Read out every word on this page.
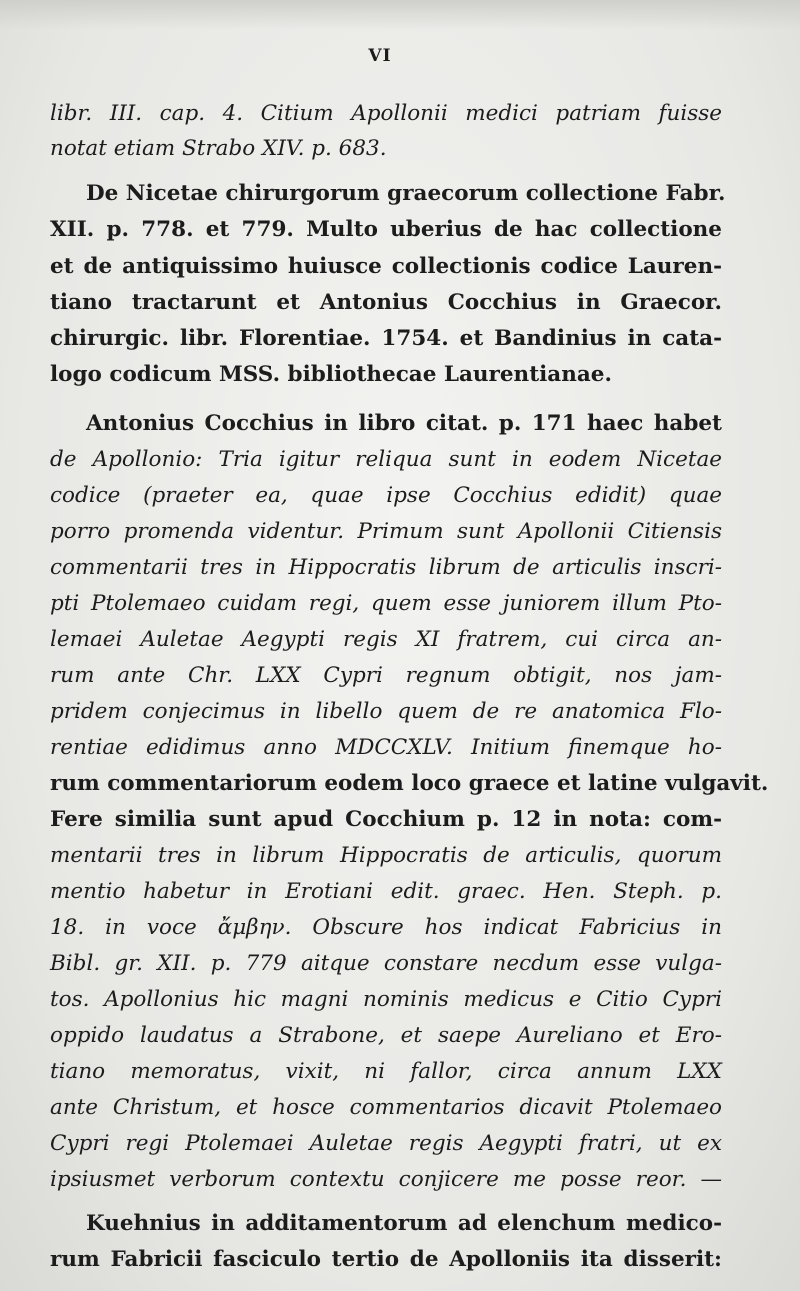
VI
libr. III. cap. 4. Citium Apollonii medici patriam fuisse
notat etiam Strabo XIV. p. 683.
De Nicetae chirurgorum graecorum collectione Fabr.
XII. p. 778. et 779. Multo uberius de hac collectione
et de antiquissimo huiusce collectionis codice Lauren-
tiano tractarunt et Antonius Cocchius in Graecor.
chirurgic. libr. Florentiae. 1754. et Bandinius in cata-
logo codicum MSS. bibliothecae Laurentianae.
Antonius Cocchius in libro citat. p. 171 haec habet
de Apollonio: Tria igitur reliqua sunt in eodem Nicetae
codice (praeter ea, quae ipse Cocchius edidit) quae
porro promenda videntur. Primum sunt Apollonii Citiensis
commentarii tres in Hippocratis librum de articulis inscri-
pti Ptolemaeo cuidam regi, quem esse juniorem illum Pto-
lemaei Auletae Aegypti regis XI fratrem, cui circa an-
rum ante Chr. LXX Cypri regnum obtigit, nos jam-
pridem conjecimus in libello quem de re anatomica Flo-
rentiae edidimus anno MDCCXLV. Initium finemque ho-
rum commentariorum eodem loco graece et latine vulgavit.
Fere similia sunt apud Cocchium p. 12 in nota: com-
mentarii tres in librum Hippocratis de articulis, quorum
mentio habetur in Erotiani edit. graec. Hen. Steph. p.
18. in voce ἄμβην. Obscure hos indicat Fabricius in
Bibl. gr. XII. p. 779 aitque constare necdum esse vulga-
tos. Apollonius hic magni nominis medicus e Citio Cypri
oppido laudatus a Strabone, et saepe Aureliano et Ero-
tiano memoratus, vixit, ni fallor, circa annum LXX
ante Christum, et hosce commentarios dicavit Ptolemaeo
Cypri regi Ptolemaei Auletae regis Aegypti fratri, ut ex
ipsiusmet verborum contextu conjicere me posse reor. —
Kuehnius in additamentorum ad elenchum medico-
rum Fabricii fasciculo tertio de Apolloniis ita disserit:
